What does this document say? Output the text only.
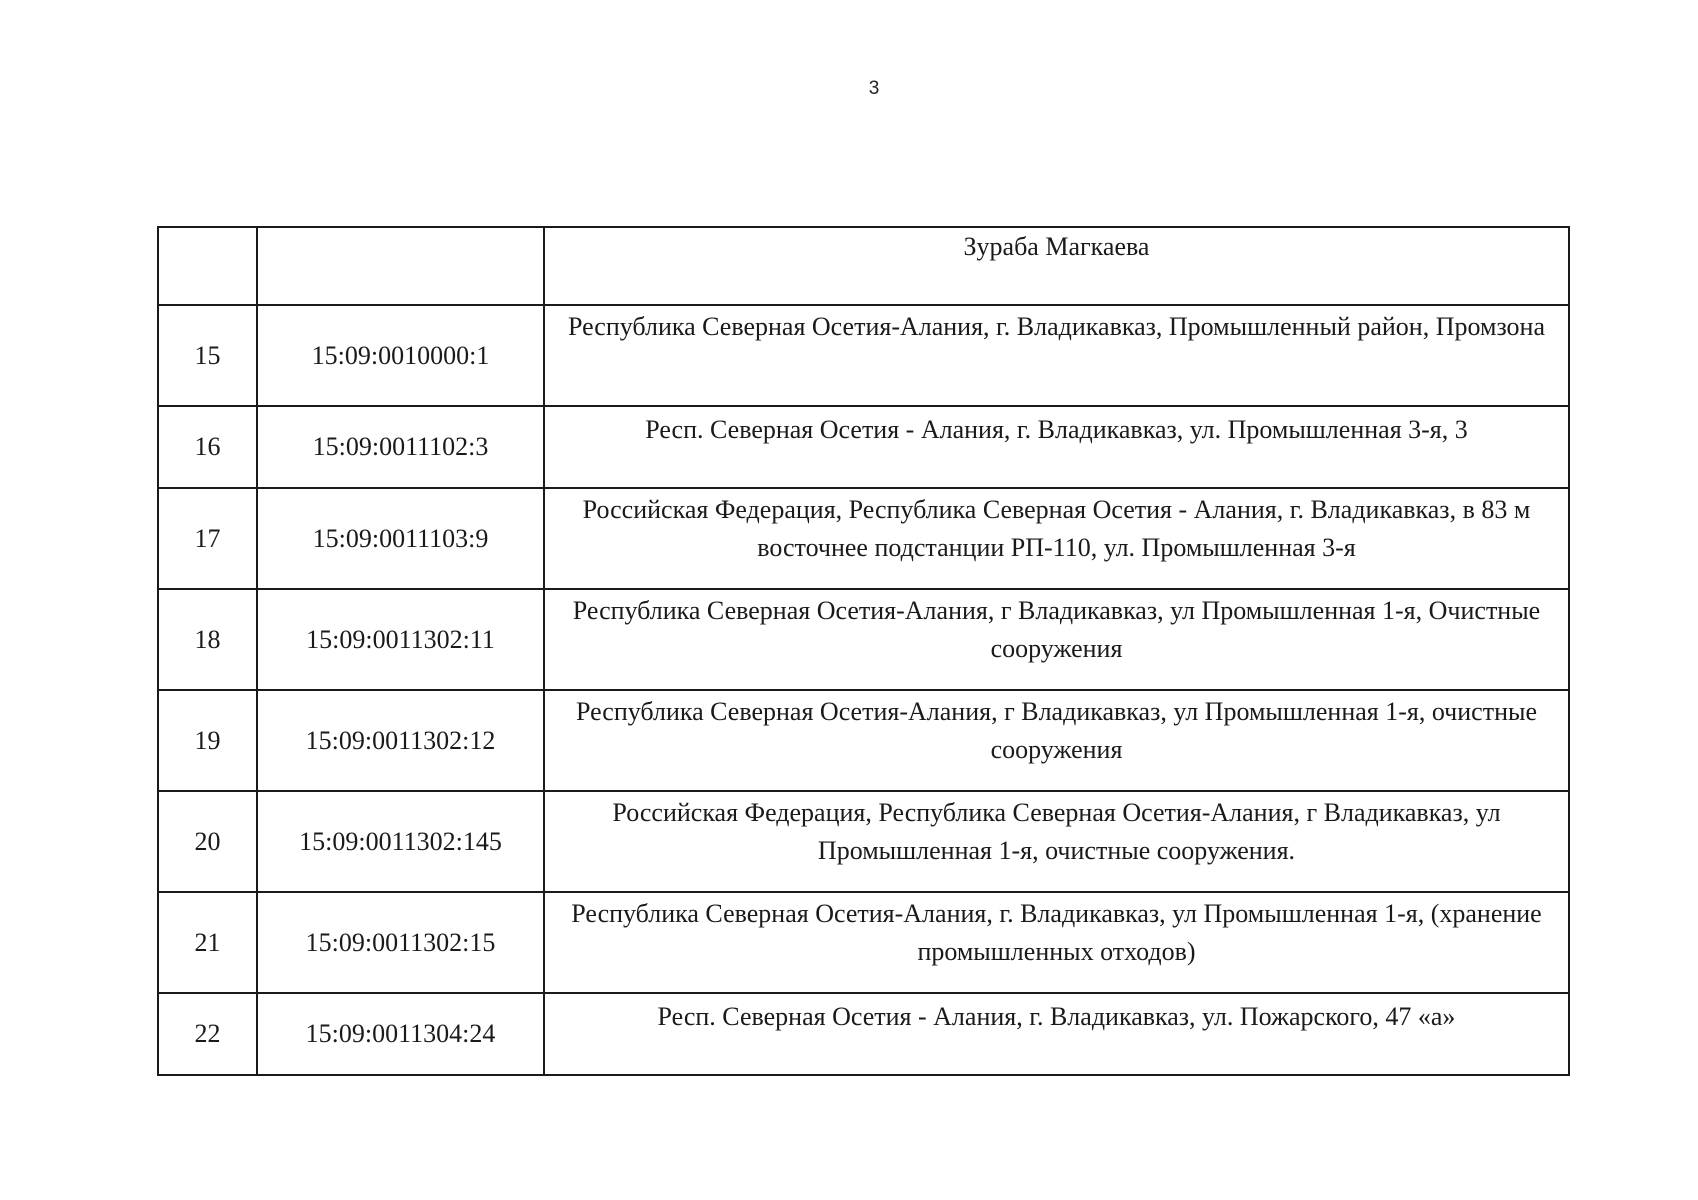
3
		Зураба Магкаева
15	15:09:0010000:1	Республика Северная Осетия-Алания, г. Владикавказ, Промышленный район, Промзона
16	15:09:0011102:3	Респ. Северная Осетия - Алания, г. Владикавказ, ул. Промышленная 3-я, 3
17	15:09:0011103:9	Российская Федерация, Республика Северная Осетия - Алания, г. Владикавказ, в 83 м восточнее подстанции РП-110, ул. Промышленная 3-я
18	15:09:0011302:11	Республика Северная Осетия-Алания, г Владикавказ, ул Промышленная 1-я, Очистные сооружения
19	15:09:0011302:12	Республика Северная Осетия-Алания, г Владикавказ, ул Промышленная 1-я, очистные сооружения
20	15:09:0011302:145	Российская Федерация, Республика Северная Осетия-Алания, г Владикавказ, ул Промышленная 1-я, очистные сооружения.
21	15:09:0011302:15	Республика Северная Осетия-Алания, г. Владикавказ, ул Промышленная 1-я, (хранение промышленных отходов)
22	15:09:0011304:24	Респ. Северная Осетия - Алания, г. Владикавказ, ул. Пожарского, 47 «а»
